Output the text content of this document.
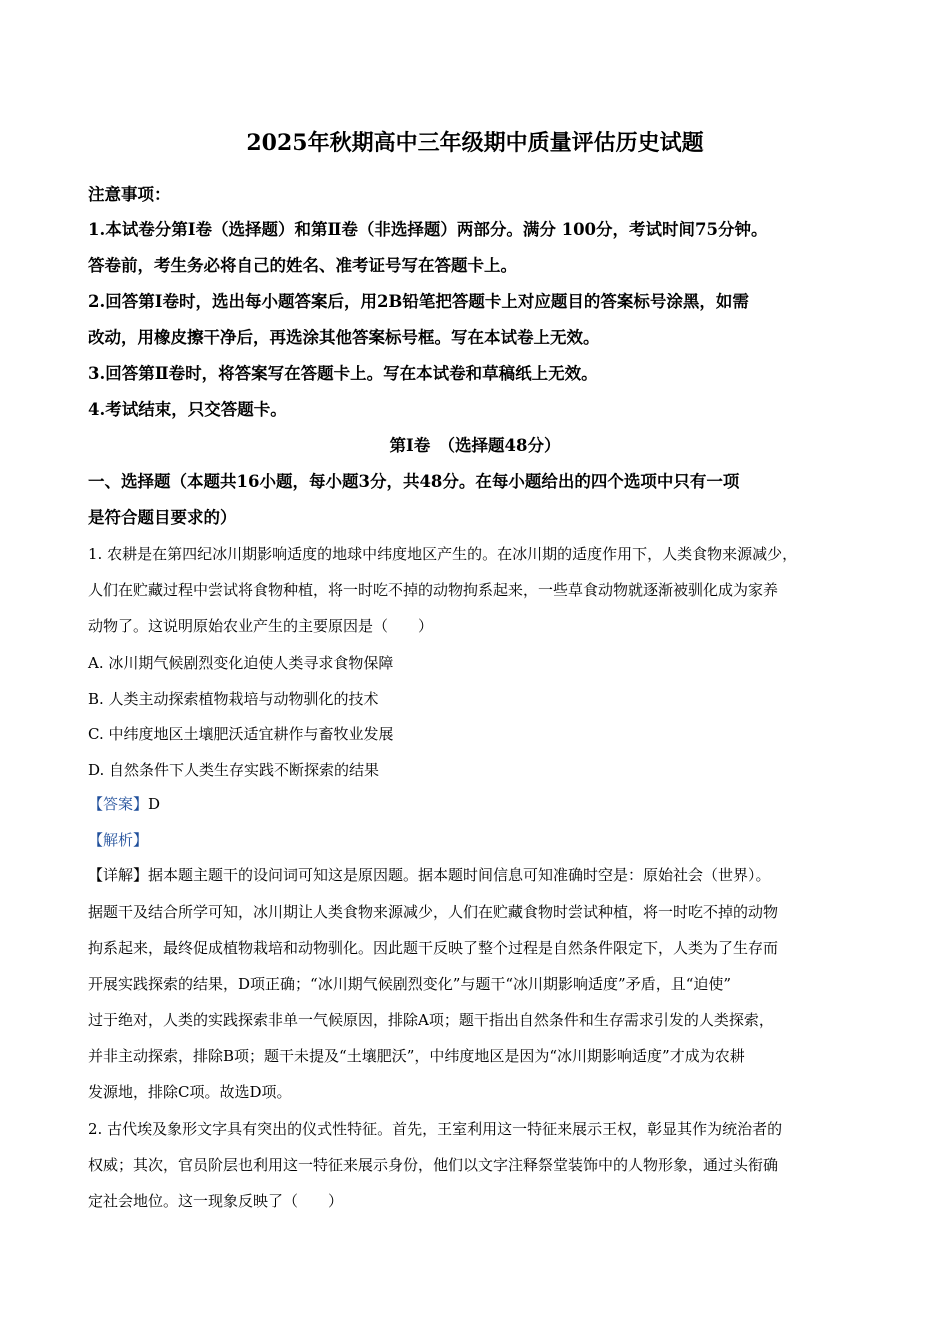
2025年秋期高中三年级期中质量评估历史试题
注意事项：
1.本试卷分第Ⅰ卷（选择题）和第Ⅱ卷（非选择题）两部分。满分 100分，考试时间75分钟。
答卷前，考生务必将自己的姓名、准考证号写在答题卡上。
2.回答第Ⅰ卷时，选出每小题答案后，用2B铅笔把答题卡上对应题目的答案标号涂黑，如需
改动，用橡皮擦干净后，再选涂其他答案标号框。写在本试卷上无效。
3.回答第Ⅱ卷时，将答案写在答题卡上。写在本试卷和草稿纸上无效。
4.考试结束，只交答题卡。
第Ⅰ卷　（选择题48分）
一、选择题（本题共16小题，每小题3分，共48分。在每小题给出的四个选项中只有一项
是符合题目要求的）
1. 农耕是在第四纪冰川期影响适度的地球中纬度地区产生的。在冰川期的适度作用下，人类食物来源减少，
人们在贮藏过程中尝试将食物种植，将一时吃不掉的动物拘系起来，一些草食动物就逐渐被驯化成为家养
动物了。这说明原始农业产生的主要原因是（　　）
A. 冰川期气候剧烈变化迫使人类寻求食物保障
B. 人类主动探索植物栽培与动物驯化的技术
C. 中纬度地区土壤肥沃适宜耕作与畜牧业发展
D. 自然条件下人类生存实践不断探索的结果
【答案】D
【解析】
【详解】据本题主题干的设问词可知这是原因题。据本题时间信息可知准确时空是：原始社会（世界）。
据题干及结合所学可知，冰川期让人类食物来源减少，人们在贮藏食物时尝试种植，将一时吃不掉的动物
拘系起来，最终促成植物栽培和动物驯化。因此题干反映了整个过程是自然条件限定下，人类为了生存而
开展实践探索的结果，D项正确；“冰川期气候剧烈变化”与题干“冰川期影响适度”矛盾，且“迫使”
过于绝对，人类的实践探索非单一气候原因，排除A项；题干指出自然条件和生存需求引发的人类探索，
并非主动探索，排除B项；题干未提及“土壤肥沃”，中纬度地区是因为“冰川期影响适度”才成为农耕
发源地，排除C项。故选D项。
2. 古代埃及象形文字具有突出的仪式性特征。首先，王室利用这一特征来展示王权，彰显其作为统治者的
权威；其次，官员阶层也利用这一特征来展示身份，他们以文字注释祭堂装饰中的人物形象，通过头衔确
定社会地位。这一现象反映了（　　）
